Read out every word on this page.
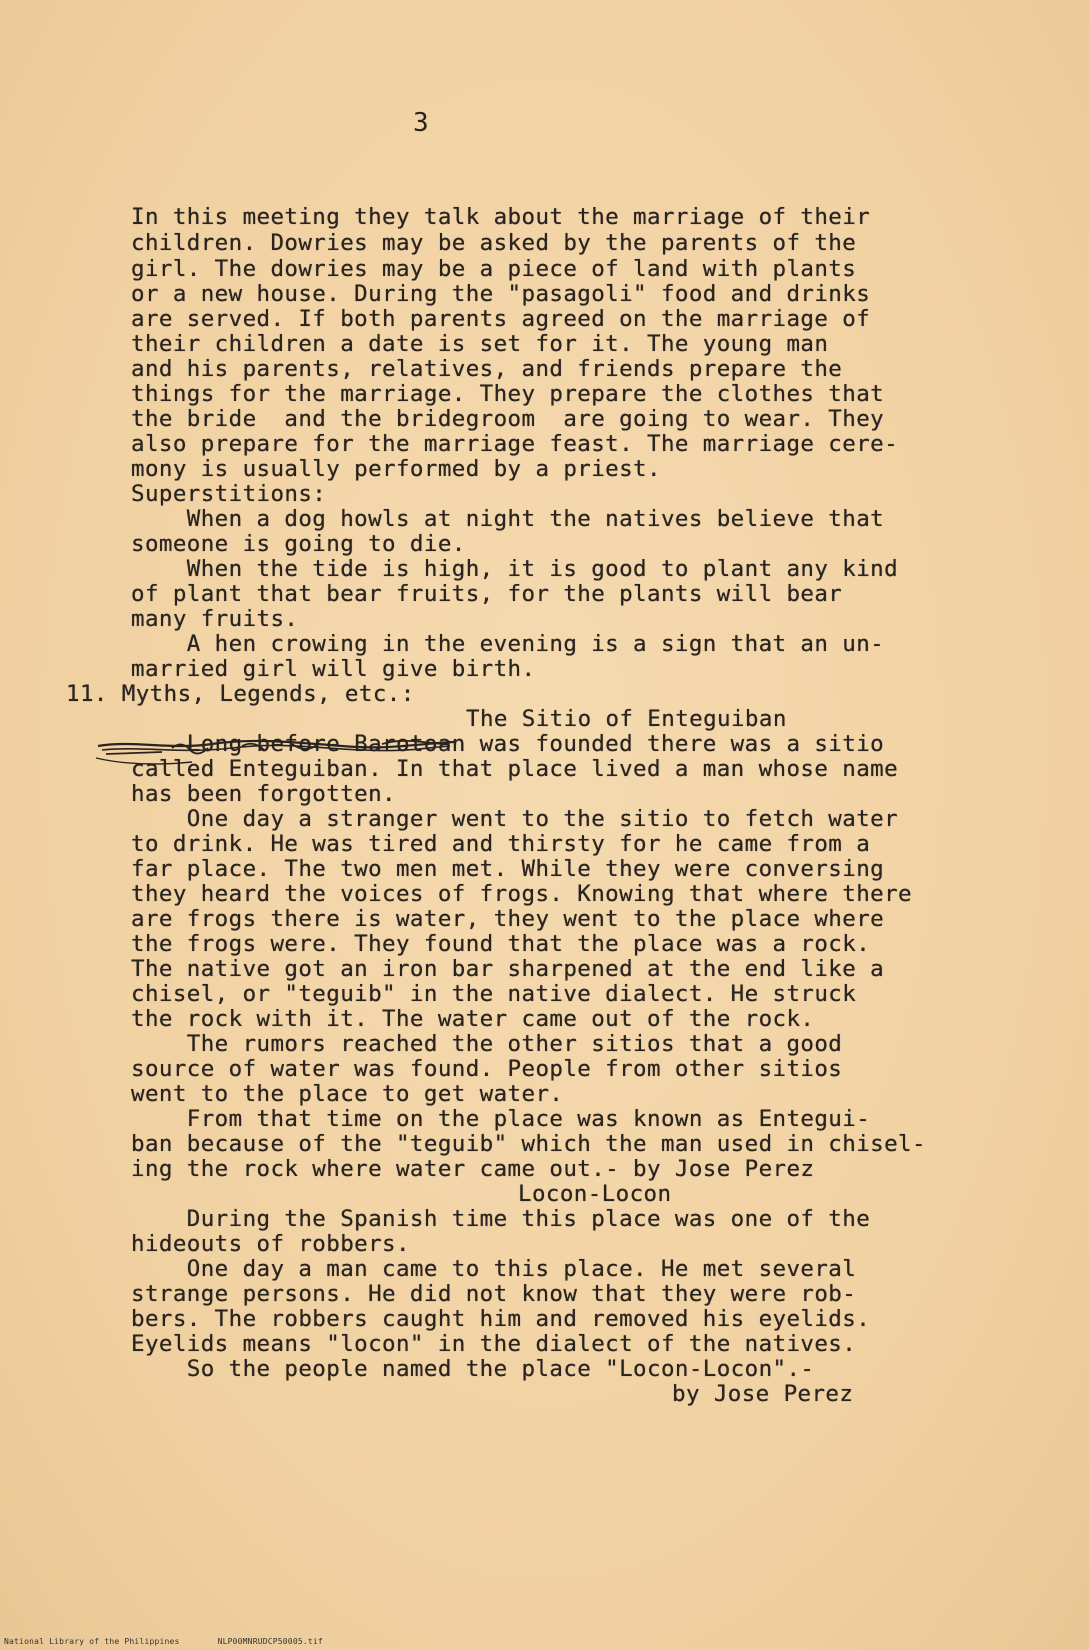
3
In this meeting they talk about the marriage of their
children. Dowries may be asked by the parents of the
girl. The dowries may be a piece of land with plants
or a new house. During the "pasagoli" food and drinks
are served. If both parents agreed on the marriage of
their children a date is set for it. The young man
and his parents, relatives, and friends prepare the
things for the marriage. They prepare the clothes that
the bride  and the bridegroom  are going to wear. They
also prepare for the marriage feast. The marriage cere-
mony is usually performed by a priest.
Superstitions:
When a dog howls at night the natives believe that
someone is going to die.
When the tide is high, it is good to plant any kind
of plant that bear fruits, for the plants will bear
many fruits.
A hen crowing in the evening is a sign that an un-
married girl will give birth.
11. Myths, Legends, etc.:
The Sitio of Enteguiban
Long before Barotoan was founded there was a sitio
called Enteguiban. In that place lived a man whose name
has been forgotten.
One day a stranger went to the sitio to fetch water
to drink. He was tired and thirsty for he came from a
far place. The two men met. While they were conversing
they heard the voices of frogs. Knowing that where there
are frogs there is water, they went to the place where
the frogs were. They found that the place was a rock.
The native got an iron bar sharpened at the end like a
chisel, or "teguib" in the native dialect. He struck
the rock with it. The water came out of the rock.
The rumors reached the other sitios that a good
source of water was found. People from other sitios
went to the place to get water.
From that time on the place was known as Entegui-
ban because of the "teguib" which the man used in chisel-
ing the rock where water came out.- by Jose Perez
Locon-Locon
During the Spanish time this place was one of the
hideouts of robbers.
One day a man came to this place. He met several
strange persons. He did not know that they were rob-
bers. The robbers caught him and removed his eyelids.
Eyelids means "locon" in the dialect of the natives.
So the people named the place "Locon-Locon".-
by Jose Perez
National Library of the Philippines	NLP00MNRUDCP50005.tif
